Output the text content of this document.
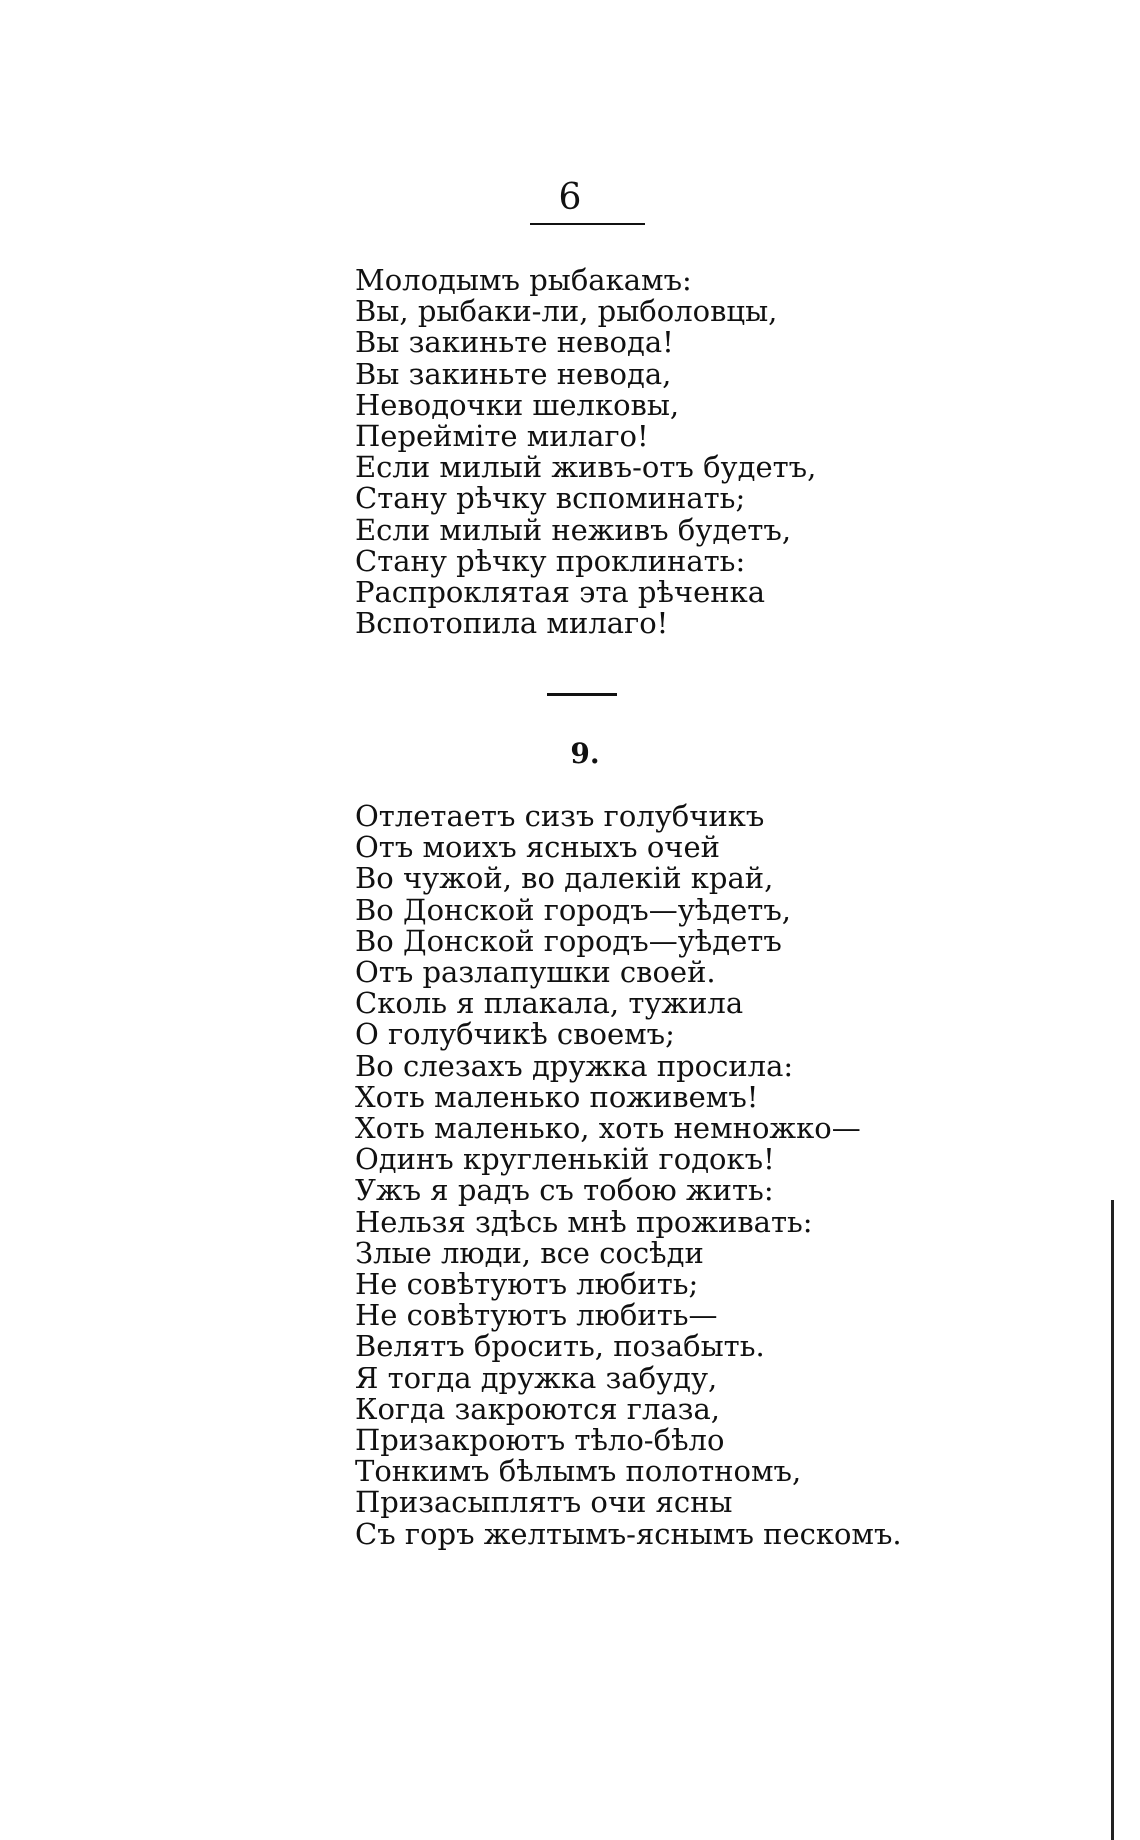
6
Молодымъ рыбакамъ:
Вы, рыбаки-ли, рыболовцы,
Вы закиньте невода!
Вы закиньте невода,
Неводочки шелковы,
Перейміте милаго!
Если милый живъ-отъ будетъ,
Стану рѣчку вспоминать;
Если милый неживъ будетъ,
Стану рѣчку проклинать:
Распроклятая эта рѣченка
Вспотопила милаго!
9.
Отлетаетъ сизъ голубчикъ
Отъ моихъ ясныхъ очей
Во чужой, во далекій край,
Во Донской городъ—уѣдетъ,
Во Донской городъ—уѣдетъ
Отъ разлапушки своей.
Сколь я плакала, тужила
О голубчикѣ своемъ;
Во слезахъ дружка просила:
Хоть маленько поживемъ!
Хоть маленько, хоть немножко—
Одинъ кругленькій годокъ!
Ужъ я радъ съ тобою жить:
Нельзя здѣсь мнѣ проживать:
Злые люди, все сосѣди
Не совѣтуютъ любить;
Не совѣтуютъ любить—
Велятъ бросить, позабыть.
Я тогда дружка забуду,
Когда закроются глаза,
Призакроютъ тѣло-бѣло
Тонкимъ бѣлымъ полотномъ,
Призасыплятъ очи ясны
Съ горъ желтымъ-яснымъ пескомъ.
